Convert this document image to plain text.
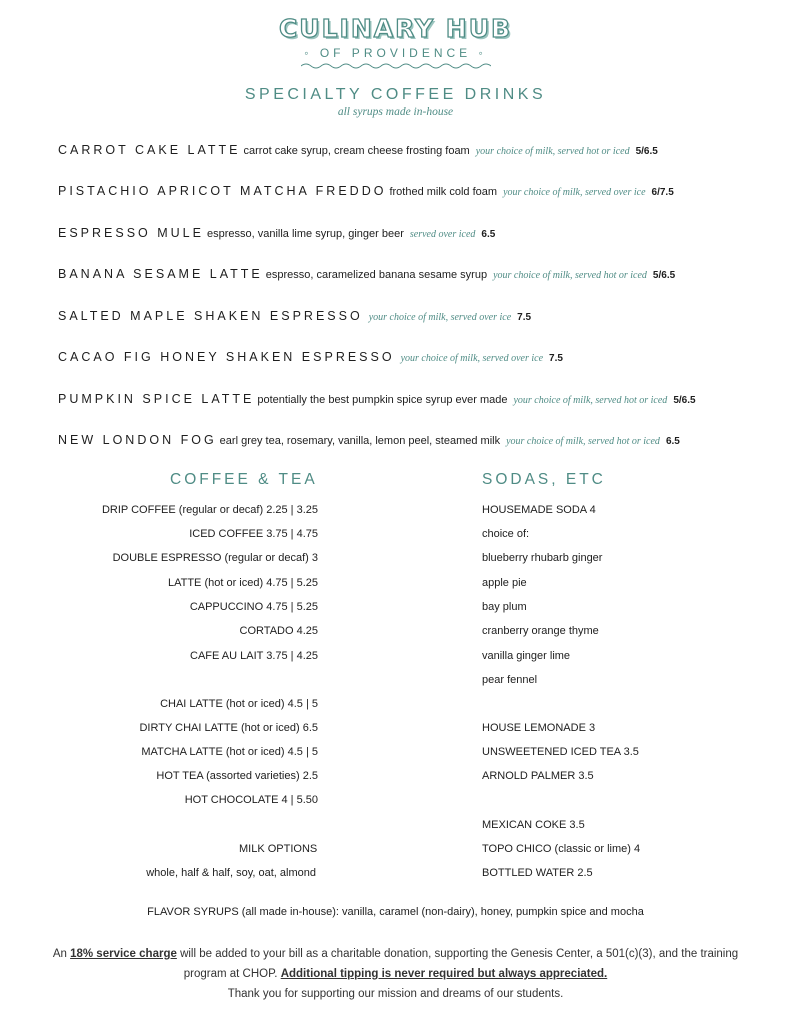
CULINARY HUB
◦ OF PROVIDENCE ◦
SPECIALTY COFFEE DRINKS
all syrups made in-house
CARROT CAKE LATTE carrot cake syrup, cream cheese frosting foam your choice of milk, served hot or iced 5/6.5
PISTACHIO APRICOT MATCHA FREDDO frothed milk cold foam your choice of milk, served over ice 6/7.5
ESPRESSO MULE espresso, vanilla lime syrup, ginger beer served over iced 6.5
BANANA SESAME LATTE espresso, caramelized banana sesame syrup your choice of milk, served hot or iced 5/6.5
SALTED MAPLE SHAKEN ESPRESSO your choice of milk, served over ice 7.5
CACAO FIG HONEY SHAKEN ESPRESSO your choice of milk, served over ice 7.5
PUMPKIN SPICE LATTE potentially the best pumpkin spice syrup ever made your choice of milk, served hot or iced 5/6.5
NEW LONDON FOG earl grey tea, rosemary, vanilla, lemon peel, steamed milk your choice of milk, served hot or iced 6.5
COFFEE & TEA	SODAS, ETC
DRIP COFFEE (regular or decaf) 2.25 | 3.25
ICED COFFEE 3.75 | 4.75
DOUBLE ESPRESSO (regular or decaf) 3
LATTE (hot or iced) 4.75 | 5.25
CAPPUCCINO 4.75 | 5.25
CORTADO 4.25
CAFE AU LAIT 3.75 | 4.25
CHAI LATTE (hot or iced) 4.5 | 5
DIRTY CHAI LATTE (hot or iced) 6.5
MATCHA LATTE (hot or iced) 4.5 | 5
HOT TEA (assorted varieties) 2.5
HOT CHOCOLATE 4 | 5.50
MILK OPTIONS
whole, half & half, soy, oat, almond
HOUSEMADE SODA 4
choice of:
blueberry rhubarb ginger
apple pie
bay plum
cranberry orange thyme
vanilla ginger lime
pear fennel
HOUSE LEMONADE 3
UNSWEETENED ICED TEA 3.5
ARNOLD PALMER 3.5
MEXICAN COKE 3.5
TOPO CHICO (classic or lime) 4
BOTTLED WATER 2.5
FLAVOR SYRUPS (all made in-house): vanilla, caramel (non-dairy), honey, pumpkin spice and mocha
An 18% service charge will be added to your bill as a charitable donation, supporting the Genesis Center, a 501(c)(3), and the training program at CHOP. Additional tipping is never required but always appreciated.
Thank you for supporting our mission and dreams of our students.
